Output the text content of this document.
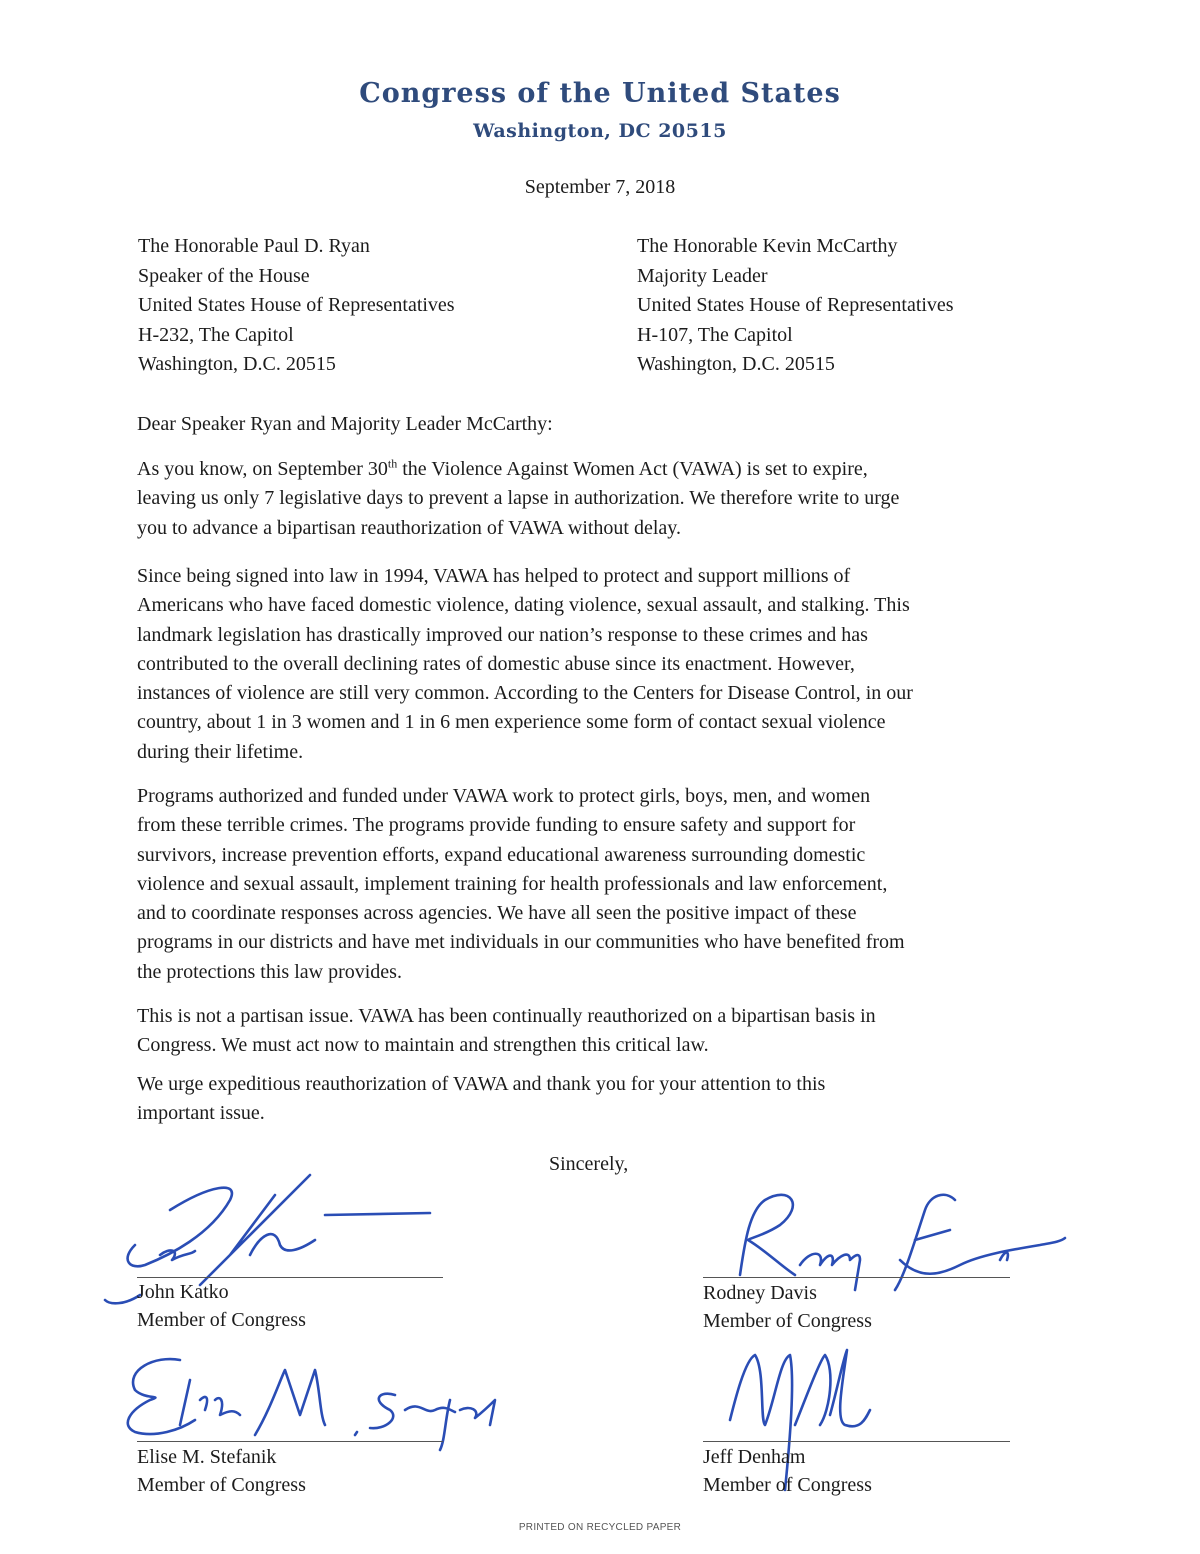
Congress of the United States
Washington, DC 20515
September 7, 2018
The Honorable Paul D. Ryan
Speaker of the House
United States House of Representatives
H-232, The Capitol
Washington, D.C. 20515
The Honorable Kevin McCarthy
Majority Leader
United States House of Representatives
H-107, The Capitol
Washington, D.C. 20515
Dear Speaker Ryan and Majority Leader McCarthy:
As you know, on September 30th the Violence Against Women Act (VAWA) is set to expire,
leaving us only 7 legislative days to prevent a lapse in authorization. We therefore write to urge
you to advance a bipartisan reauthorization of VAWA without delay.
Since being signed into law in 1994, VAWA has helped to protect and support millions of
Americans who have faced domestic violence, dating violence, sexual assault, and stalking. This
landmark legislation has drastically improved our nation’s response to these crimes and has
contributed to the overall declining rates of domestic abuse since its enactment. However,
instances of violence are still very common. According to the Centers for Disease Control, in our
country, about 1 in 3 women and 1 in 6 men experience some form of contact sexual violence
during their lifetime.
Programs authorized and funded under VAWA work to protect girls, boys, men, and women
from these terrible crimes. The programs provide funding to ensure safety and support for
survivors, increase prevention efforts, expand educational awareness surrounding domestic
violence and sexual assault, implement training for health professionals and law enforcement,
and to coordinate responses across agencies. We have all seen the positive impact of these
programs in our districts and have met individuals in our communities who have benefited from
the protections this law provides.
This is not a partisan issue. VAWA has been continually reauthorized on a bipartisan basis in
Congress. We must act now to maintain and strengthen this critical law.
We urge expeditious reauthorization of VAWA and thank you for your attention to this
important issue.
Sincerely,
John Katko
Member of Congress
Rodney Davis
Member of Congress
Elise M. Stefanik
Member of Congress
Jeff Denham
Member of Congress
PRINTED ON RECYCLED PAPER
